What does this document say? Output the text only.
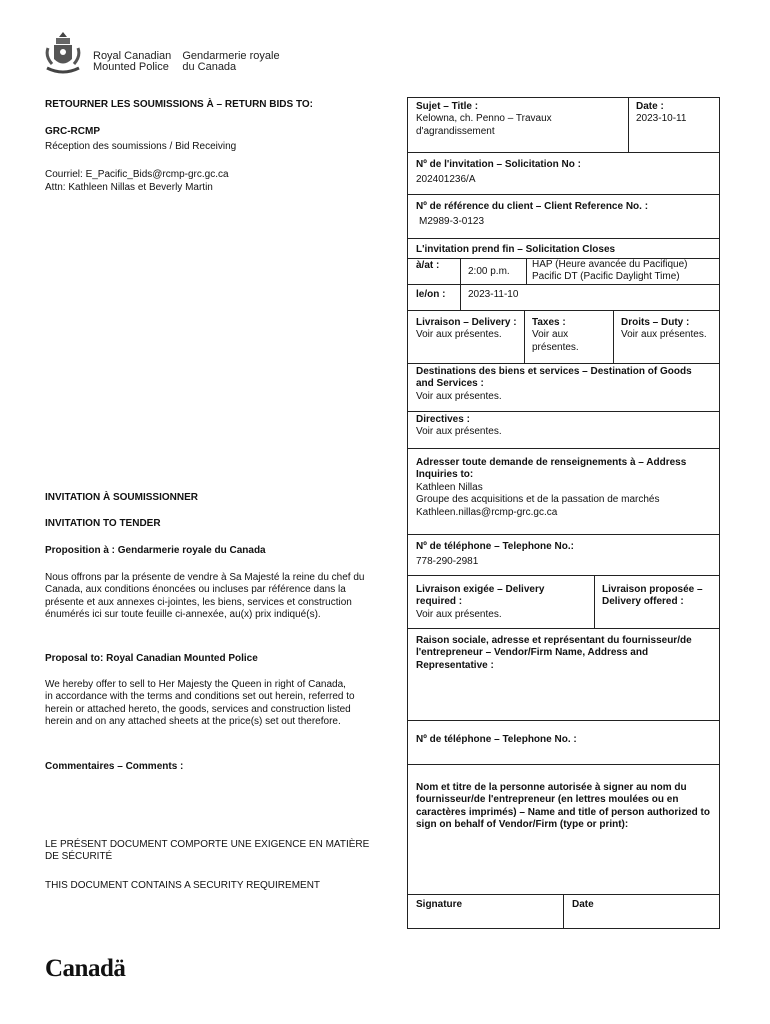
Royal Canadian
Mounted Police

Gendarmerie royale
du Canada
RETOURNER LES SOUMISSIONS À – RETURN BIDS TO:
GRC-RCMP
Réception des soumissions / Bid Receiving
Courriel: E_Pacific_Bids@rcmp-grc.gc.ca
Attn: Kathleen Nillas et Beverly Martin
INVITATION À SOUMISSIONNER
INVITATION TO TENDER
Proposition à : Gendarmerie royale du Canada
Nous offrons par la présente de vendre à Sa Majesté la reine du chef du Canada, aux conditions énoncées ou incluses par référence dans la présente et aux annexes ci-jointes, les biens, services et construction énumérés ici sur toute feuille ci-annexée, au(x) prix indiqué(s).
Proposal to: Royal Canadian Mounted Police
We hereby offer to sell to Her Majesty the Queen in right of Canada, in accordance with the terms and conditions set out herein, referred to herein or attached hereto, the goods, services and construction listed herein and on any attached sheets at the price(s) set out therefore.
Commentaires – Comments :
LE PRÉSENT DOCUMENT COMPORTE UNE EXIGENCE EN MATIÈRE DE SÉCURITÉ
THIS DOCUMENT CONTAINS A SECURITY REQUIREMENT
Sujet – Title :
Kelowna, ch. Penno – Travaux d'agrandissement
Date :
2023-10-11
Nº de l'invitation – Solicitation No :
202401236/A
Nº de référence du client – Client Reference No. :
M2989-3-0123
L'invitation prend fin – Solicitation Closes
à/at :
2:00 p.m.
HAP (Heure avancée du Pacifique) Pacific DT (Pacific Daylight Time)
le/on : 2023-11-10
Livraison – Delivery :
Voir aux présentes.
Taxes :
Voir aux présentes.
Droits – Duty :
Voir aux présentes.
Destinations des biens et services – Destination of Goods and Services :
Voir aux présentes.
Directives :
Voir aux présentes.
Adresser toute demande de renseignements à – Address Inquiries to:
Kathleen Nillas
Groupe des acquisitions et de la passation de marchés
Kathleen.nillas@rcmp-grc.gc.ca
Nº de téléphone – Telephone No.:
778-290-2981
Livraison exigée – Delivery required :
Voir aux présentes.
Livraison proposée – Delivery offered :
Raison sociale, adresse et représentant du fournisseur/de l'entrepreneur – Vendor/Firm Name, Address and Representative :
Nº de téléphone – Telephone No. :
Nom et titre de la personne autorisée à signer au nom du fournisseur/de l'entrepreneur (en lettres moulées ou en caractères imprimés) – Name and title of person authorized to sign on behalf of Vendor/Firm (type or print):
Signature	Date
Canadä
